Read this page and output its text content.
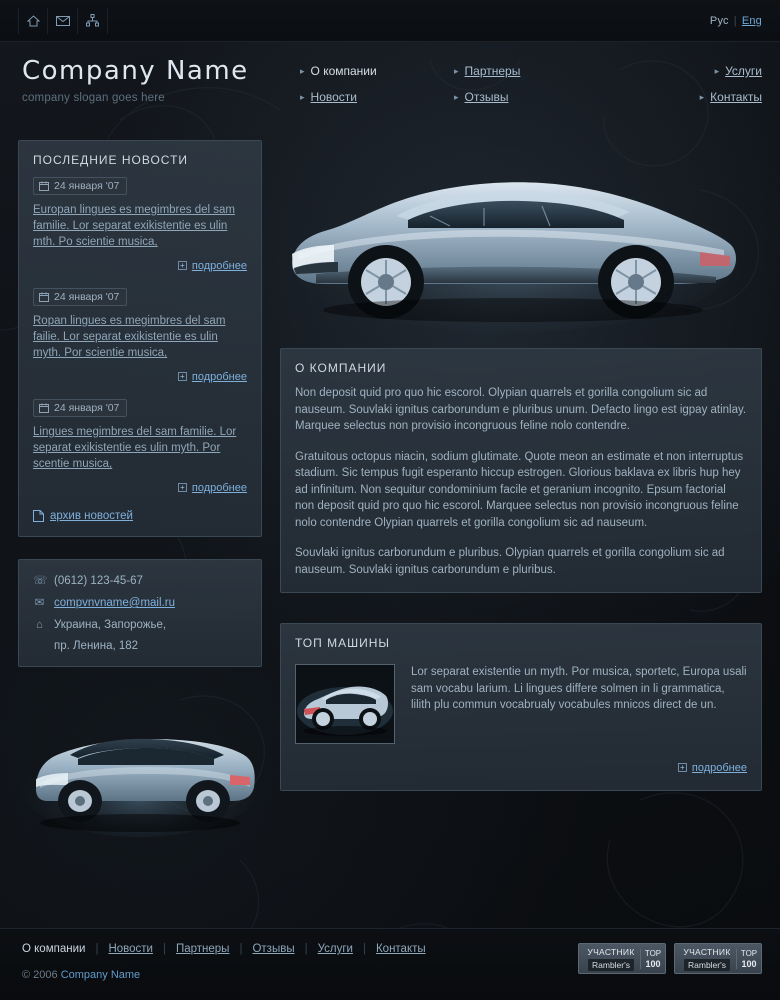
Рус | Eng
Company Name
company slogan goes here
▸ О компании	▸ Партнеры	▸ Услуги
▸ Новости	▸ Отзывы	▸ Контакты
ПОСЛЕДНИЕ НОВОСТИ
24 января '07
Europan lingues es megimbres del sam familie. Lor separat exikistentie es ulin mth. Po scientie musica,
+ подробнее
24 января '07
Ropan lingues es megimbres del sam failie. Lor separat exikistentie es ulin myth. Por scientie musica,
+ подробнее
24 января '07
Lingues megimbres del sam familie. Lor separat exikistentie es ulin myth. Por scentie musica,
+ подробнее
архив новостей
☏ (0612) 123-45-67
✉ compvnvname@mail.ru
⌂ Украина, Запорожье,
пр. Ленина, 182
О КОМПАНИИ

Non deposit quid pro quo hic escorol. Olypian quarrels et gorilla congolium sic ad nauseum. Souvlaki ignitus carborundum e pluribus unum. Defacto lingo est igpay atinlay. Marquee selectus non provisio incongruous feline nolo contendre.

Gratuitous octopus niacin, sodium glutimate. Quote meon an estimate et non interruptus stadium. Sic tempus fugit esperanto hiccup estrogen. Glorious baklava ex libris hup hey ad infinitum. Non sequitur condominium facile et geranium incognito. Epsum factorial non deposit quid pro quo hic escorol. Marquee selectus non provisio incongruous feline nolo contendre Olypian quarrels et gorilla congolium sic ad nauseum.

Souvlaki ignitus carborundum e pluribus. Olypian quarrels et gorilla congolium sic ad nauseum. Souvlaki ignitus carborundum e pluribus.

ТОП МАШИНЫ
Lor separat existentie un myth. Por musica, sportetc, Europa usali sam vocabu larium. Li lingues differe solmen in li grammatica, lilith plu commun vocabrualy vocabules mnicos direct de un.
+ подробнее
О компании | Новости | Партнеры | Отзывы | Услуги | Контакты
© 2006 Company Name
УЧАСТНИК
Rambler's
TOP
100
УЧАСТНИК
Rambler's
TOP
100
